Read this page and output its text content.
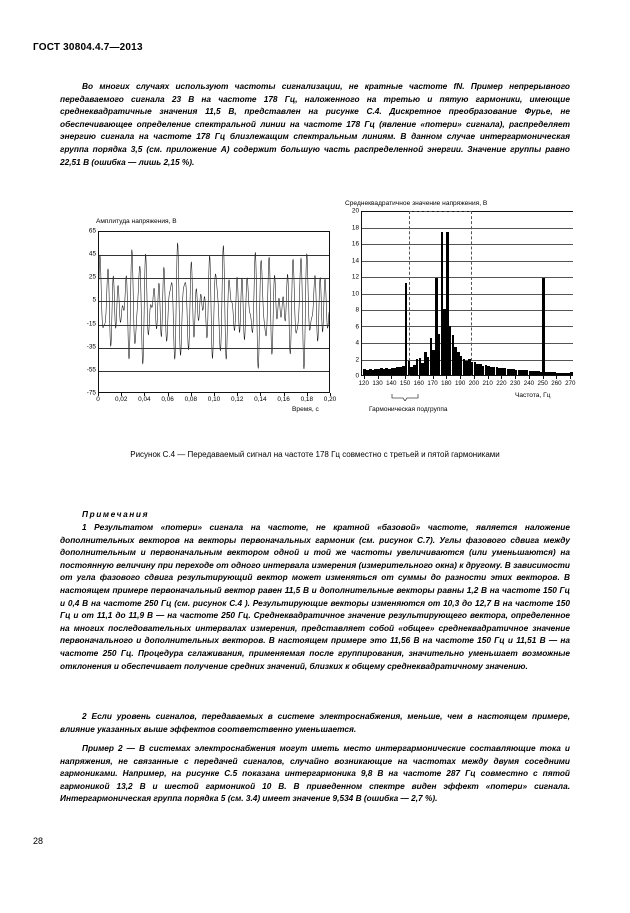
ГОСТ 30804.4.7—2013
Во многих случаях используют частоты сигнализации, не кратные частоте fN. Пример непрерывного передаваемого сигнала 23 В на частоте 178 Гц, наложенного на третью и пятую гармоники, имеющие среднеквадратичные значения 11,5 В, представлен на рисунке С.4. Дискретное преобразование Фурье, не обеспечивающее определение спектральной линии на частоте 178 Гц (явление «потери» сигнала), распределяет энергию сигнала на частоте 178 Гц близлежащим спектральным линиям. В данном случае интергармоническая группа порядка 3,5 (см. приложение А) содержит большую часть распределенной энергии. Значение группы равно 22,51 В (ошибка — лишь 2,15 %).
Амплитуда напряжения, В
65
45
25
5
-15
-35
-55
-75
0 0,02 0,04 0,06 0,08 0,10 0,12 0,14 0,16 0,18 0,20
Время, с
Среднеквадратичное значение напряжения, В
0
2
4
6
8
10
12
14
16
18
20
120 130 140 150 160 170 180 190 200 210 220 230 240 250 260 270
Частота, Гц
Гармоническая подгруппа
Рисунок С.4 — Передаваемый сигнал на частоте 178 Гц совместно с третьей и пятой гармониками
Примечания
1 Результатом «потери» сигнала на частоте, не кратной «базовой» частоте, является наложение дополнительных векторов на векторы первоначальных гармоник (см. рисунок С.7). Углы фазового сдвига между дополнительным и первоначальным вектором одной и той же частоты увеличиваются (или уменьшаются) на постоянную величину при переходе от одного интервала измерения (измерительного окна) к другому. В зависимости от угла фазового сдвига результирующий вектор может изменяться от суммы до разности этих векторов. В настоящем примере первоначальный вектор равен 11,5 В и дополнительные векторы равны 1,2 В на частоте 150 Гц и 0,4 В на частоте 250 Гц (см. рисунок С.4 ). Результирующие векторы изменяются от 10,3 до 12,7 В на частоте 150 Гц и от 11,1 до 11,9 В — на частоте 250 Гц. Среднеквадратичное значение результирующего вектора, определенное на многих последовательных интервалах измерения, представляет собой «общее» среднеквадратичное значение первоначального и дополнительных векторов. В настоящем примере это 11,56 В на частоте 150 Гц и 11,51 В — на частоте 250 Гц. Процедура сглаживания, применяемая после группирования, значительно уменьшает возможные отклонения и обеспечивает получение средних значений, близких к общему среднеквадратичному значению.
2 Если уровень сигналов, передаваемых в системе электроснабжения, меньше, чем в настоящем примере, влияние указанных выше эффектов соответственно уменьшается.
Пример 2 — В системах электроснабжения могут иметь место интергармонические составляющие тока и напряжения, не связанные с передачей сигналов, случайно возникающие на частотах между двумя соседними гармониками. Например, на рисунке С.5 показана интергармоника 9,8 В на частоте 287 Гц совместно с пятой гармоникой 13,2 В и шестой гармоникой 10 В. В приведенном спектре виден эффект «потери» сигнала. Интергармоническая группа порядка 5 (см. 3.4) имеет значение 9,534 В (ошибка — 2,7 %).
28
